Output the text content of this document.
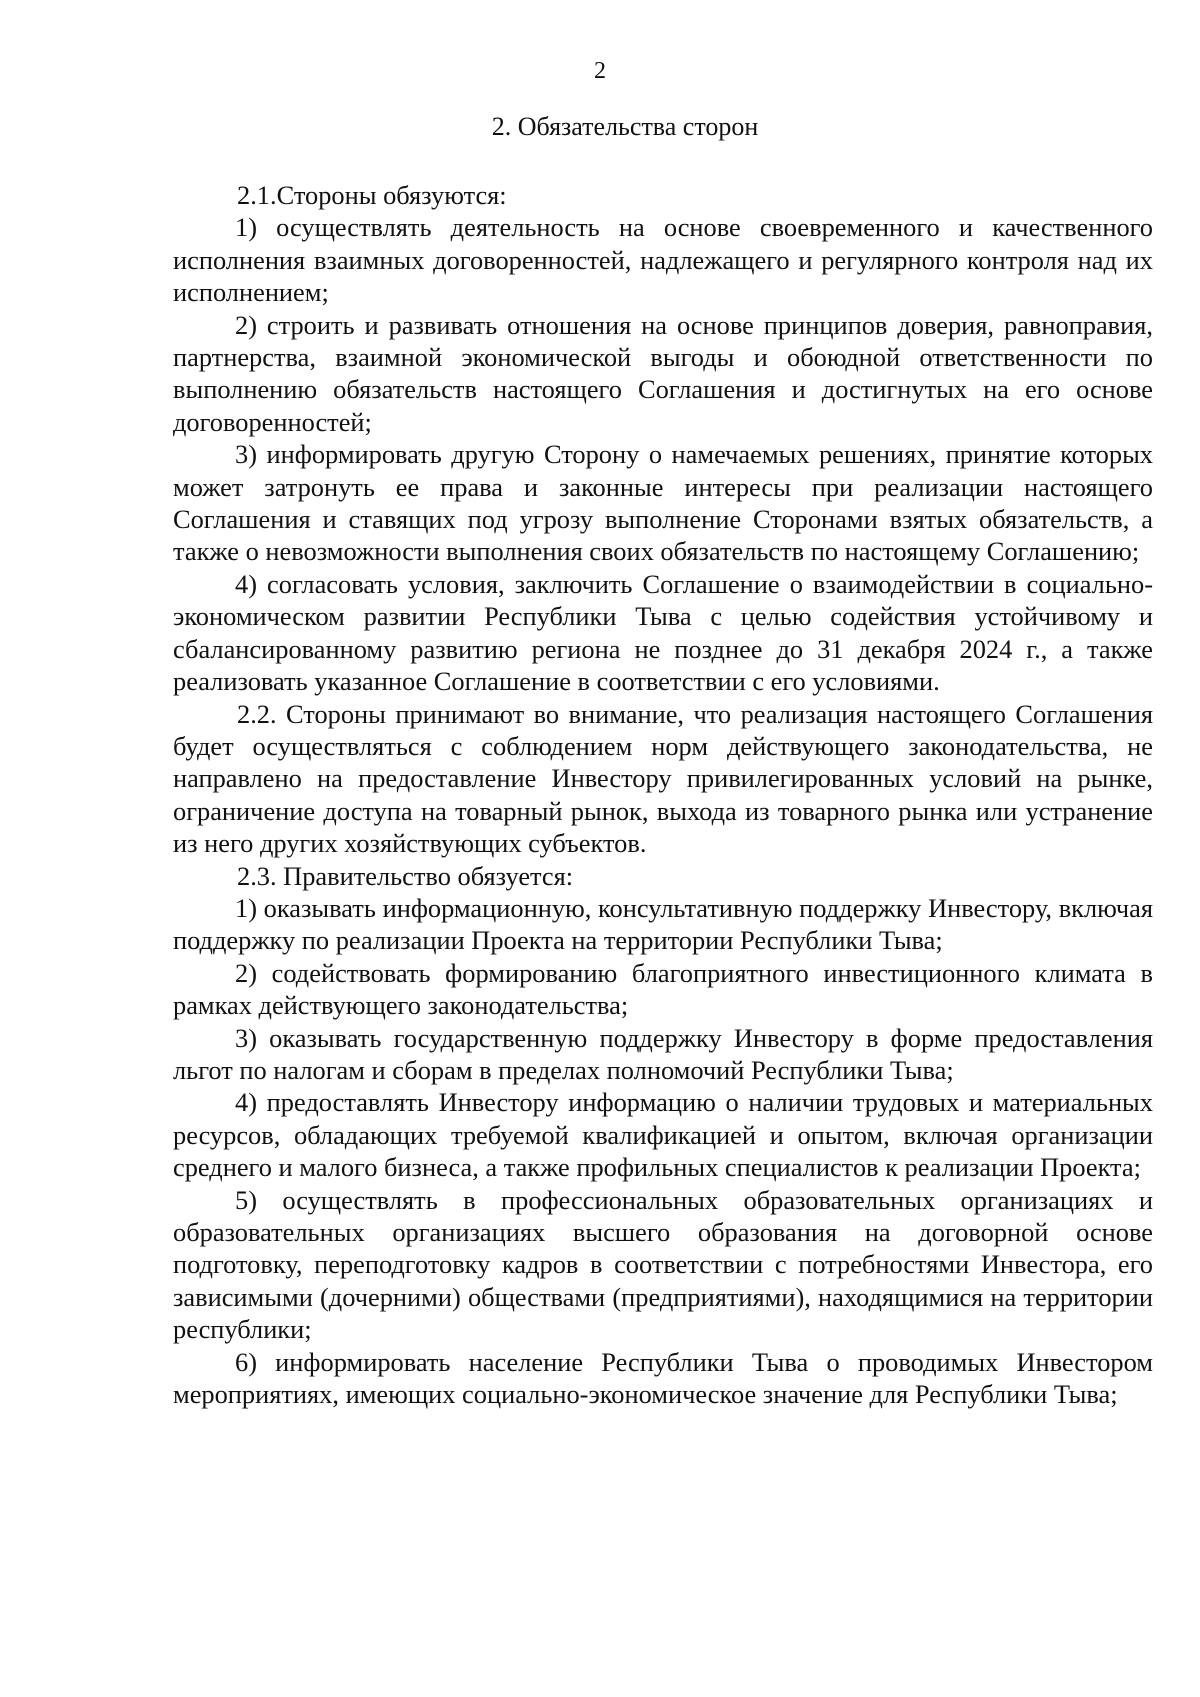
2
2. Обязательства сторон

2.1.Стороны обязуются:

1) осуществлять деятельность на основе своевременного и качественного исполнения взаимных договоренностей, надлежащего и регулярного контроля над их исполнением;

2) строить и развивать отношения на основе принципов доверия, равноправия, партнерства, взаимной экономической выгоды и обоюдной ответственности по выполнению обязательств настоящего Соглашения и достигнутых на его основе договоренностей;

3) информировать другую Сторону о намечаемых решениях, принятие которых может затронуть ее права и законные интересы при реализации настоящего Соглашения и ставящих под угрозу выполнение Сторонами взятых обязательств, а также о невозможности выполнения своих обязательств по настоящему Соглашению;

4) согласовать условия, заключить Соглашение о взаимодействии в социально-экономическом развитии Республики Тыва с целью содействия устойчивому и сбалансированному развитию региона не позднее до 31 декабря 2024 г., а также реализовать указанное Соглашение в соответствии с его условиями.

2.2. Стороны принимают во внимание, что реализация настоящего Соглашения будет осуществляться с соблюдением норм действующего законодательства, не направлено на предоставление Инвестору привилегированных условий на рынке, ограничение доступа на товарный рынок, выхода из товарного рынка или устранение из него других хозяйствующих субъектов.

2.3. Правительство обязуется:

1) оказывать информационную, консультативную поддержку Инвестору, включая поддержку по реализации Проекта на территории Республики Тыва;

2) содействовать формированию благоприятного инвестиционного климата в рамках действующего законодательства;

3) оказывать государственную поддержку Инвестору в форме предоставления льгот по налогам и сборам в пределах полномочий Республики Тыва;

4) предоставлять Инвестору информацию о наличии трудовых и материальных ресурсов, обладающих требуемой квалификацией и опытом, включая организации среднего и малого бизнеса, а также профильных специалистов к реализации Проекта;

5) осуществлять в профессиональных образовательных организациях и образовательных организациях высшего образования на договорной основе подготовку, переподготовку кадров в соответствии с потребностями Инвестора, его зависимыми (дочерними) обществами (предприятиями), находящимися на территории республики;

6) информировать население Республики Тыва о проводимых Инвестором мероприятиях, имеющих социально-экономическое значение для Республики Тыва;
